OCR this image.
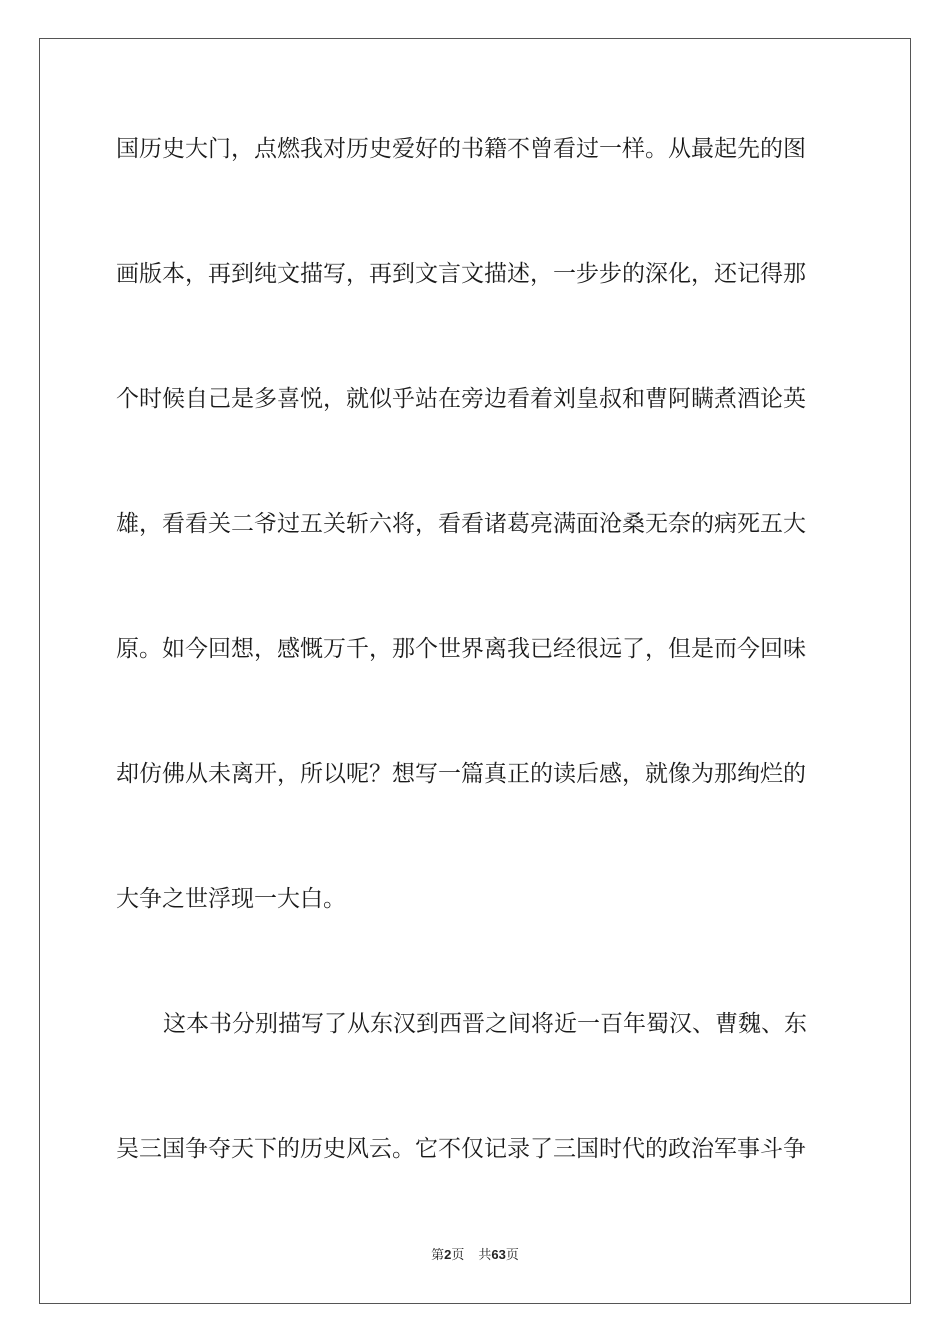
国历史大门，点燃我对历史爱好的书籍不曾看过一样。从最起先的图
画版本，再到纯文描写，再到文言文描述，一步步的深化，还记得那
个时候自己是多喜悦，就似乎站在旁边看着刘皇叔和曹阿瞒煮酒论英
雄，看看关二爷过五关斩六将，看看诸葛亮满面沧桑无奈的病死五大
原。如今回想，感慨万千，那个世界离我已经很远了，但是而今回味
却仿佛从未离开，所以呢？想写一篇真正的读后感，就像为那绚烂的
大争之世浮现一大白。
这本书分别描写了从东汉到西晋之间将近一百年蜀汉、曹魏、东
吴三国争夺天下的历史风云。它不仅记录了三国时代的政治军事斗争
第2页 共63页
